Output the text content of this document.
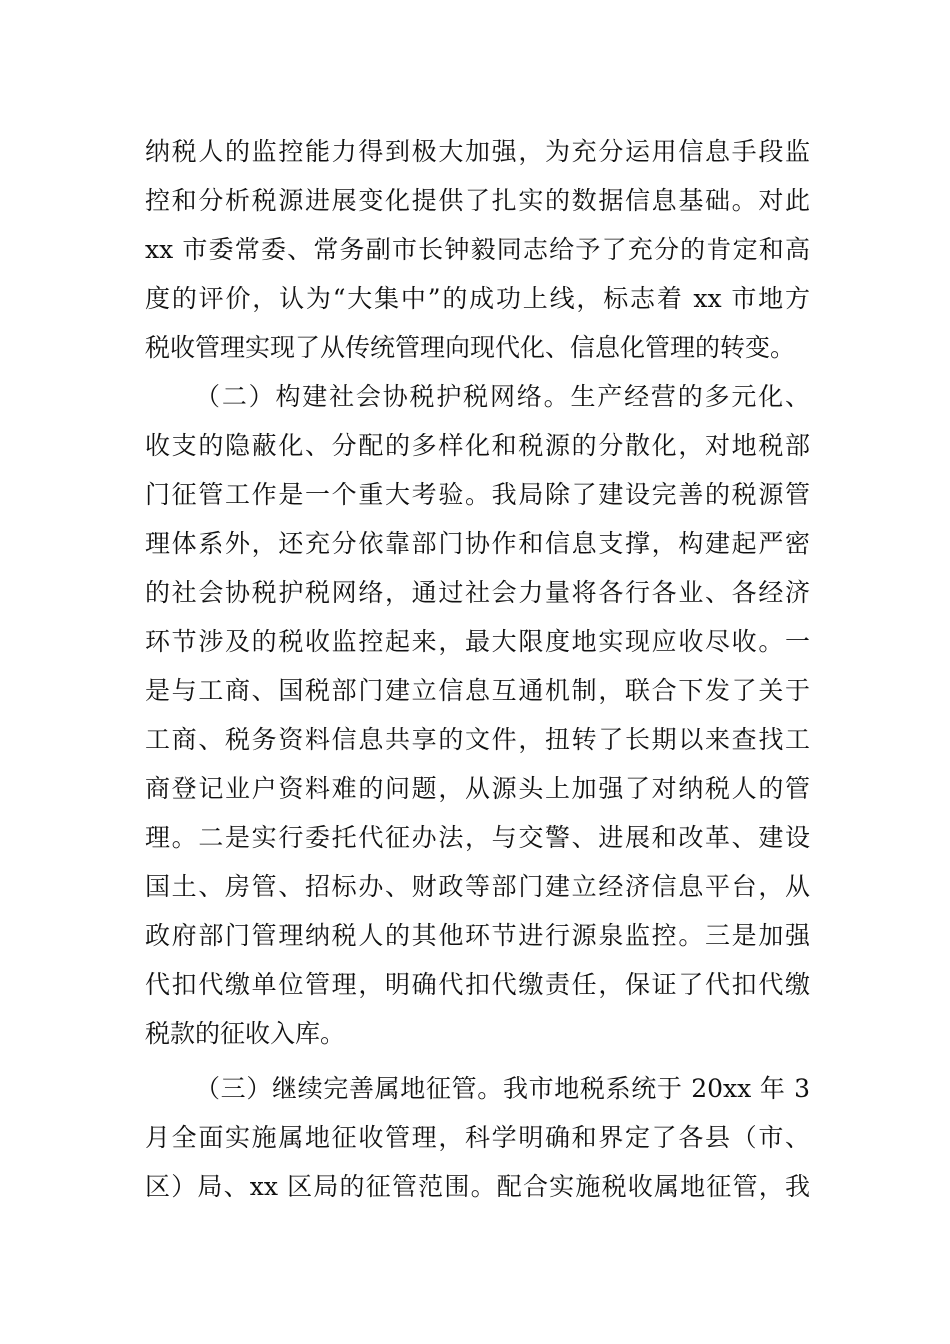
纳税人的监控能力得到极大加强，为充分运用信息手段监
控和分析税源进展变化提供了扎实的数据信息基础。对此
xx 市委常委、常务副市长钟毅同志给予了充分的肯定和高
度的评价，认为“大集中”的成功上线，标志着 xx 市地方
税收管理实现了从传统管理向现代化、信息化管理的转变。
（二）构建社会协税护税网络。生产经营的多元化、
收支的隐蔽化、分配的多样化和税源的分散化，对地税部
门征管工作是一个重大考验。我局除了建设完善的税源管
理体系外，还充分依靠部门协作和信息支撑，构建起严密
的社会协税护税网络，通过社会力量将各行各业、各经济
环节涉及的税收监控起来，最大限度地实现应收尽收。一
是与工商、国税部门建立信息互通机制，联合下发了关于
工商、税务资料信息共享的文件，扭转了长期以来查找工
商登记业户资料难的问题，从源头上加强了对纳税人的管
理。二是实行委托代征办法，与交警、进展和改革、建设
国土、房管、招标办、财政等部门建立经济信息平台，从
政府部门管理纳税人的其他环节进行源泉监控。三是加强
代扣代缴单位管理，明确代扣代缴责任，保证了代扣代缴
税款的征收入库。
（三）继续完善属地征管。我市地税系统于 20xx 年 3
月全面实施属地征收管理，科学明确和界定了各县（市、
区）局、xx 区局的征管范围。配合实施税收属地征管，我
